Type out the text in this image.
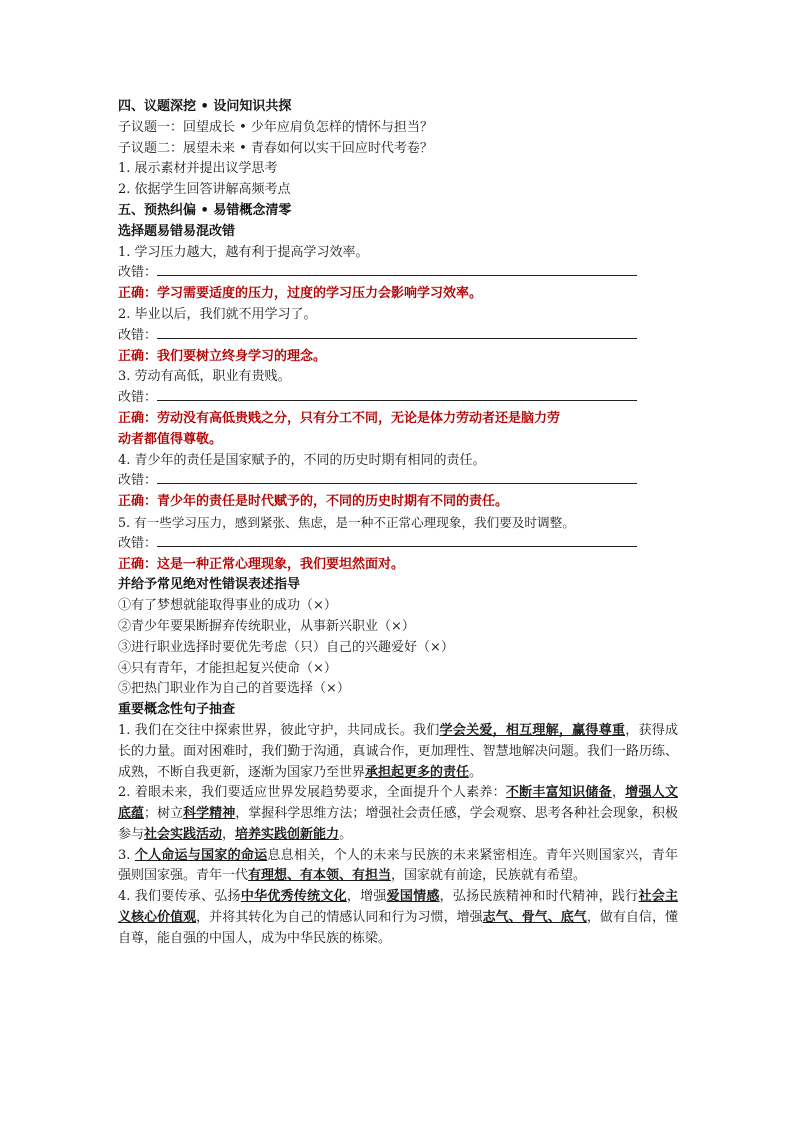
四、议题深挖 • 设问知识共探
子议题一：回望成长 • 少年应肩负怎样的情怀与担当？
子议题二：展望未来 • 青春如何以实干回应时代考卷？
1. 展示素材并提出议学思考
2. 依据学生回答讲解高频考点
五、预热纠偏 • 易错概念清零
选择题易错易混改错
1. 学习压力越大，越有利于提高学习效率。
改错：
正确：学习需要适度的压力，过度的学习压力会影响学习效率。
2. 毕业以后，我们就不用学习了。
改错：
正确：我们要树立终身学习的理念。
3. 劳动有高低，职业有贵贱。
改错：
正确：劳动没有高低贵贱之分，只有分工不同，无论是体力劳动者还是脑力劳
动者都值得尊敬。
4. 青少年的责任是国家赋予的，不同的历史时期有相同的责任。
改错：
正确：青少年的责任是时代赋予的，不同的历史时期有不同的责任。
5. 有一些学习压力，感到紧张、焦虑，是一种不正常心理现象，我们要及时调整。
改错：
正确：这是一种正常心理现象，我们要坦然面对。
并给予常见绝对性错误表述指导
①有了梦想就能取得事业的成功（×）
②青少年要果断摒弃传统职业，从事新兴职业（×）
③进行职业选择时要优先考虑（只）自己的兴趣爱好（×）
④只有青年，才能担起复兴使命（×）
⑤把热门职业作为自己的首要选择（×）
重要概念性句子抽查
1. 我们在交往中探索世界，彼此守护，共同成长。我们学会关爱，相互理解，赢得尊重，获得成长的力量。面对困难时，我们勤于沟通，真诚合作，更加理性、智慧地解决问题。我们一路历练、成熟，不断自我更新，逐渐为国家乃至世界承担起更多的责任。
2. 着眼未来，我们要适应世界发展趋势要求，全面提升个人素养：不断丰富知识储备，增强人文底蕴；树立科学精神，掌握科学思维方法；增强社会责任感，学会观察、思考各种社会现象，积极参与社会实践活动，培养实践创新能力。
3. 个人命运与国家的命运息息相关，个人的未来与民族的未来紧密相连。青年兴则国家兴，青年强则国家强。青年一代有理想、有本领、有担当，国家就有前途，民族就有希望。
4. 我们要传承、弘扬中华优秀传统文化，增强爱国情感，弘扬民族精神和时代精神，践行社会主义核心价值观，并将其转化为自己的情感认同和行为习惯，增强志气、骨气、底气，做有自信，懂自尊，能自强的中国人，成为中华民族的栋梁。
